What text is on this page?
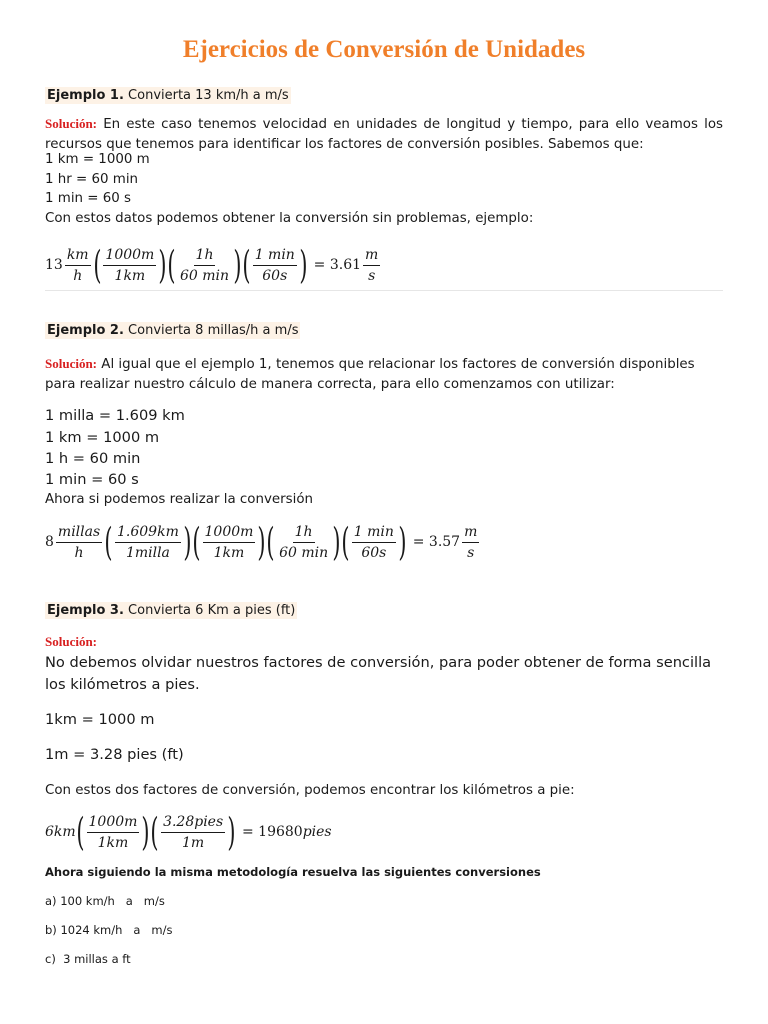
Ejercicios de Conversión de Unidades
Ejemplo 1. Convierta 13 km/h a m/s
Solución: En este caso tenemos velocidad en unidades de longitud y tiempo, para ello veamos los recursos que tenemos para identificar los factores de conversión posibles. Sabemos que:
1 km = 1000 m
1 hr = 60 min
1 min = 60 s
Con estos datos podemos obtener la conversión sin problemas, ejemplo:
$13 \frac{km}{h}$ ( $\frac{1000m}{1km}$ ) ( $\frac{1h}{60 \min}$ ) ( $\frac{1 \min}{60s}$ ) = $3.61 \frac{m}{s}$
Ejemplo 2. Convierta 8 millas/h a m/s
Solución: Al igual que el ejemplo 1, tenemos que relacionar los factores de conversión disponibles para realizar nuestro cálculo de manera correcta, para ello comenzamos con utilizar:
1 milla = 1.609 km
1 km = 1000 m
1 h = 60 min
1 min = 60 s
Ahora si podemos realizar la conversión
$8 \frac{\text{millas}}{h}$ ( $\frac{1.609km}{\text{1milla}}$ ) ( $\frac{1000m}{1km}$ ) ( $\frac{1h}{60 \min}$ ) ( $\frac{1 \min}{60s}$ ) = $3.57 \frac{m}{s}$
Ejemplo 3. Convierta 6 Km a pies (ft)
Solución:
No debemos olvidar nuestros factores de conversión, para poder obtener de forma sencilla los kilómetros a pies.
1km = 1000 m
1m = 3.28 pies (ft)
Con estos dos factores de conversión, podemos encontrar los kilómetros a pie:
6km ( $\frac{1000m}{1km}$ ) ( $\frac{\text{3.28pies}}{1m}$ ) = 19680 pies
Ahora siguiendo la misma metodología resuelva las siguientes conversiones
a) 100 km/h   a   m/s
b) 1024 km/h   a   m/s
c)  3 millas a ft
